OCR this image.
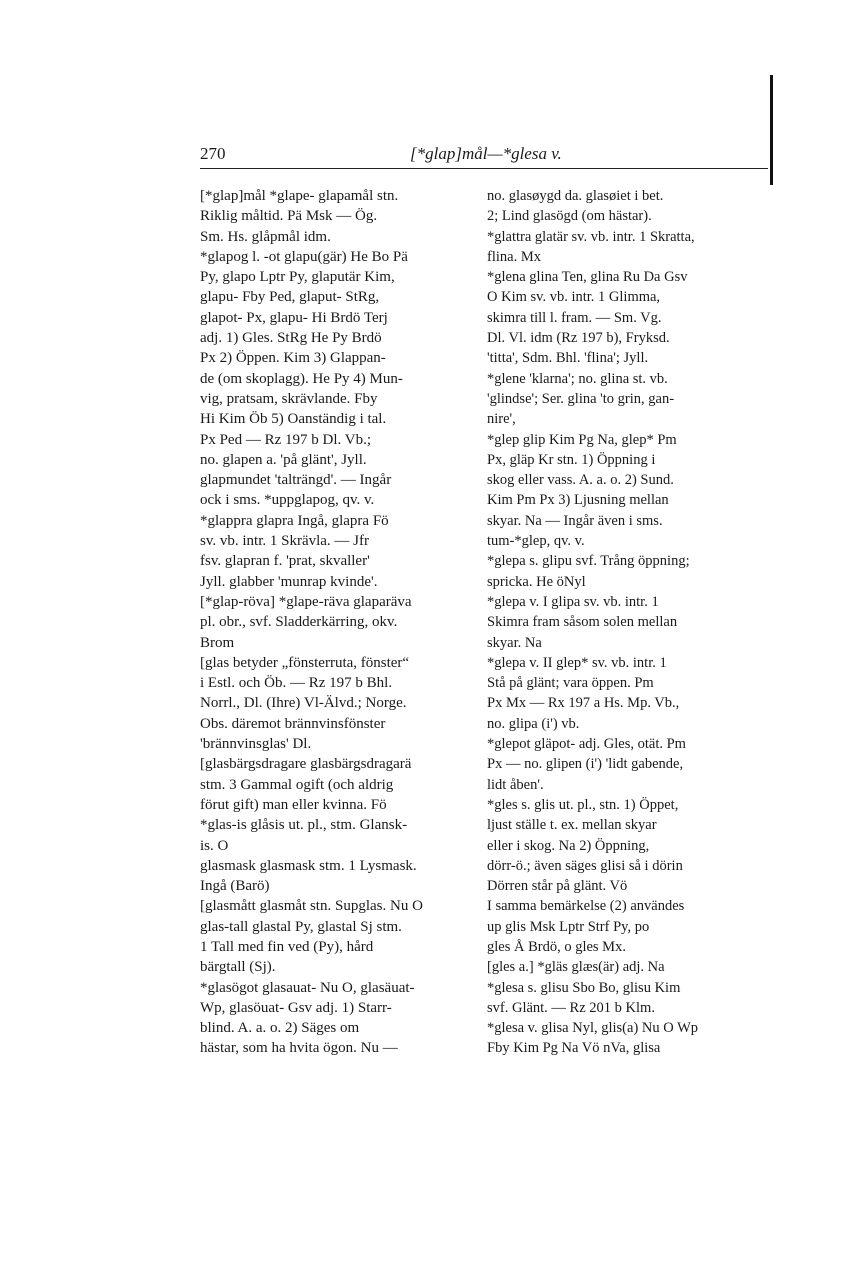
270	[*glap]mål—*glesa v.
[*glap]mål *glape- glapamål stn.
Riklig måltid. Pä Msk — Ög.
Sm. Hs. glåpmål idm.
*glapog l. -ot glapu(gär) He Bo Pä
Py, glapo Lptr Py, glaputär Kim,
glapu- Fby Ped, glaput- StRg,
glapot- Px, glapu- Hi Brdö Terj
adj. 1) Gles. StRg He Py Brdö
Px 2) Öppen. Kim 3) Glappan-
de (om skoplagg). He Py 4) Mun-
vig, pratsam, skrävlande. Fby
Hi Kim Öb 5) Oanständig i tal.
Px Ped — Rz 197 b Dl. Vb.;
no. glapen a. 'på glänt', Jyll.
glapmundet 'talträngd'. — Ingår
ock i sms. *uppglapog, qv. v.
*glappra glapra Ingå, glapra Fö
sv. vb. intr. 1 Skrävla. — Jfr
fsv. glapran f. 'prat, skvaller'
Jyll. glabber 'munrap kvinde'.
[*glap-röva] *glape-räva glaparäva
pl. obr., svf. Sladderkärring, okv.
Brom
[glas betyder „fönsterruta, fönster“
i Estl. och Öb. — Rz 197 b Bhl.
Norrl., Dl. (Ihre) Vl-Älvd.; Norge.
Obs. däremot brännvinsfönster
'brännvinsglas' Dl.
[glasbärgsdragare glasbärgsdragarä
stm. 3 Gammal ogift (och aldrig
förut gift) man eller kvinna. Fö
*glas-is glåsis ut. pl., stm. Glansk-
is. O
glasmask glasmask stm. 1 Lysmask.
Ingå (Barö)
[glasmått glasmåt stn. Supglas. Nu O
glas-tall glastal Py, glastal Sj stm.
1 Tall med fin ved (Py), hård
bärgtall (Sj).
*glasögot glasauat- Nu O, glasäuat-
Wp, glasöuat- Gsv adj. 1) Starr-
blind. A. a. o. 2) Säges om
hästar, som ha hvita ögon. Nu —
no. glasøygd da. glasøiet i bet.
2; Lind glasögd (om hästar).
*glattra glatär sv. vb. intr. 1 Skratta,
flina. Mx
*glena glina Ten, glina Ru Da Gsv
O Kim sv. vb. intr. 1 Glimma,
skimra till l. fram. — Sm. Vg.
Dl. Vl. idm (Rz 197 b), Fryksd.
'titta', Sdm. Bhl. 'flina'; Jyll.
*glene 'klarna'; no. glina st. vb.
'glindse'; Ser. glina 'to grin, gan-
nire',
*glep glip Kim Pg Na, glep* Pm
Px, gläp Kr stn. 1) Öppning i
skog eller vass. A. a. o. 2) Sund.
Kim Pm Px 3) Ljusning mellan
skyar. Na — Ingår även i sms.
tum-*glep, qv. v.
*glepa s. glipu svf. Trång öppning;
spricka. He öNyl
*glepa v. I glipa sv. vb. intr. 1
Skimra fram såsom solen mellan
skyar. Na
*glepa v. II glep* sv. vb. intr. 1
Stå på glänt; vara öppen. Pm
Px Mx — Rx 197 a Hs. Mp. Vb.,
no. glipa (i') vb.
*glepot gläpot- adj. Gles, otät. Pm
Px — no. glipen (i') 'lidt gabende,
lidt åben'.
*gles s. glis ut. pl., stn. 1) Öppet,
ljust ställe t. ex. mellan skyar
eller i skog. Na 2) Öppning,
dörr-ö.; även säges glisi så i dörin
Dörren står på glänt. Vö
I samma bemärkelse (2) användes
up glis Msk Lptr Strf Py, po
gles Å Brdö, o gles Mx.
[gles a.] *gläs glæs(är) adj. Na
*glesa s. glisu Sbo Bo, glisu Kim
svf. Glänt. — Rz 201 b Klm.
*glesa v. glisa Nyl, glis(a) Nu O Wp
Fby Kim Pg Na Vö nVa, glisa
